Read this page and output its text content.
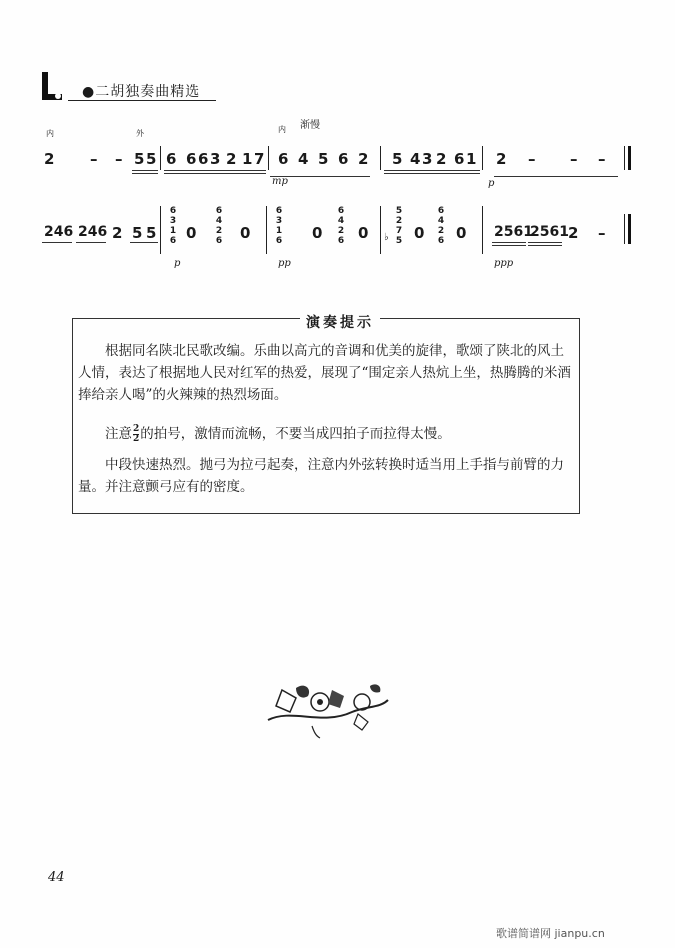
●二胡独奏曲精选
内	外	内 渐慢
2 – – 5 5 6 6 6 3 2 1 7 6 4 5 6 2 5 4 3 2 6 1 2 – – –
mp	p
246 246 2 5 5
6
3
1
6 0
6
4
2
6 0
6
3
1
6 0
6
4
2
6 0 ♭
5
2
7
5 0
6
4
2
6 0 2561
2561 2 –
p	pp	ppp
演奏提示

根据同名陕北民歌改编。乐曲以高亢的音调和优美的旋律，歌颂了陕北的风土人情，表达了根据地人民对红军的热爱，展现了“围定亲人热炕上坐，热腾腾的米酒捧给亲人喝”的火辣辣的热烈场面。

注意 $\frac{2}{2}$ 的拍号，激情而流畅，不要当成四拍子而拉得太慢。

中段快速热烈。抛弓为拉弓起奏，注意内外弦转换时适当用上手指与前臂的力量。并注意颤弓应有的密度。

44
歌谱简谱网 jianpu.cn
